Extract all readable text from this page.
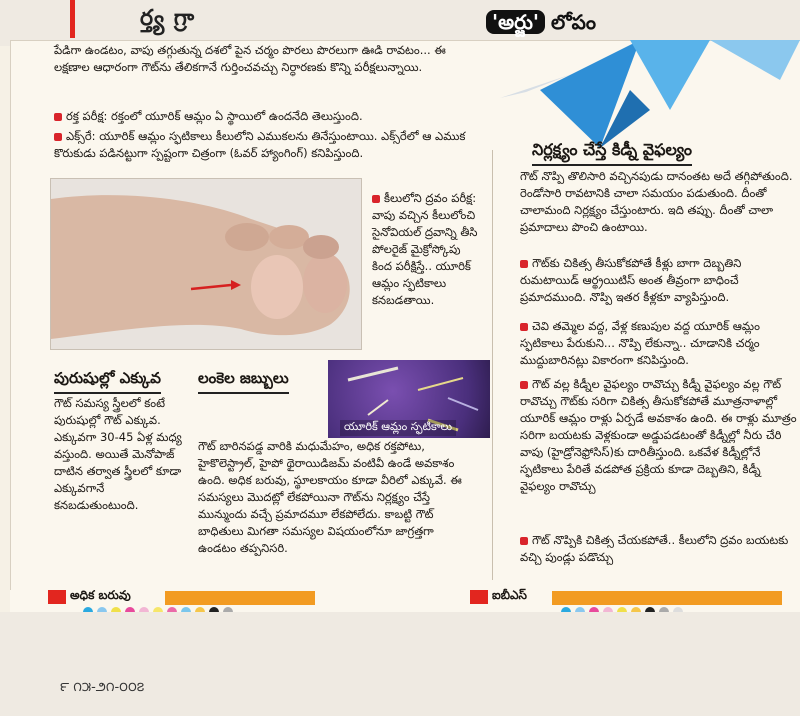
ర్త్య గ్రా	'అర్జు' లోపం
పేడిగా ఉండటం, వాపు తగ్గుతున్న దశలో పైన చర్మం పొరలు పొరలుగా ఊడి రావటం... ఈ లక్షణాల ఆధారంగా గౌట్‌ను తేలికగానే గుర్తించవచ్చు నిర్ధారణకు కొన్ని పరీక్షలున్నాయి.
రక్త పరీక్ష: రక్తంలో యూరిక్ ఆమ్లం ఏ స్థాయిలో ఉందనేది తెలుస్తుంది.
ఎక్స్‌రే: యూరిక్ ఆమ్లం స్ఫటికాలు కీలులోని ఎముకలను తినేస్తుంటాయి. ఎక్స్‌రేలో ఆ ఎముక కొరుకుడు పడినట్టుగా స్పష్టంగా చిత్రంగా (ఓవర్ హ్యాంగింగ్) కనిపిస్తుంది.
కీలులోని ద్రవం పరీక్ష: వాపు వచ్చిన కీలులోంచి సైనోవియల్ ద్రవాన్ని తీసి పోలరైజ్ మైక్రోస్కోపు కింద పరీక్షిస్తే.. యూరిక్ ఆమ్లం స్ఫటికాలు కనబడతాయి.
పురుషుల్లో ఎక్కువ
గౌట్ సమస్య స్త్రీలలో కంటే పురుషుల్లో గౌట్ ఎక్కువ. ఎక్కువగా 30-45 ఏళ్ల మధ్య వస్తుంది. అయితే మెనోపాజ్ దాటిన తర్వాత స్త్రీలలో కూడా ఎక్కువగానే కనబడుతుంటుంది.
లంకెల జబ్బులు
గౌట్ బారినపడ్డ వారికి మధుమేహం, అధిక రక్తపోటు, హైకొలెస్ట్రాల్, హైపో థైరాయిడిజమ్ వంటివీ ఉండే అవకాశం ఉంది. అధిక బరువు, స్థూలకాయం కూడా వీరిలో ఎక్కువే. ఈ సమస్యలు మొదట్లో లేకపోయినా గౌట్‌ను నిర్లక్ష్యం చేస్తే మున్ముందు వచ్చే ప్రమాదమూ లేకపోలేదు. కాబట్టి గౌట్ బాధితులు మిగతా సమస్యల విషయంలోనూ జాగ్రత్తగా ఉండటం తప్పనిసరి.
యూరిక్ ఆమ్లం స్ఫటికాలు
నిర్లక్ష్యం చేస్తే కిడ్నీ వైఫల్యం
గౌట్ నొప్పి తొలిసారి వచ్చినపుడు దానంతట అదే తగ్గిపోతుంది. రెండోసారి రావటానికి చాలా సమయం పడుతుంది. దీంతో చాలామంది నిర్లక్ష్యం చేస్తుంటారు. ఇది తప్పు. దీంతో చాలా ప్రమాదాలు పొంచి ఉంటాయి.
గౌట్‌కు చికిత్స తీసుకోకపోతే కీళ్లు బాగా దెబ్బతిని రుమటాయిడ్ ఆర్థ్రయిటిస్ అంత తీవ్రంగా బాధించే ప్రమాదముంది. నొప్పి ఇతర కీళ్లకూ వ్యాపిస్తుంది.
చెవి తమ్మెల వద్ద, వేళ్ల కణుపుల వద్ద యూరిక్ ఆమ్లం స్ఫటికాలు పేరుకుని... నొప్పి లేకున్నా.. చూడానికి చర్మం ముద్దుబారినట్లు వికారంగా కనిపిస్తుంది.
గౌట్ వల్ల కిడ్నీల వైఫల్యం రావొచ్చు కిడ్నీ వైఫల్యం వల్ల గౌట్ రావొచ్చు గౌట్‌కు సరిగా చికిత్స తీసుకోకపోతే మూత్రనాళాల్లో యూరిక్ ఆమ్లం రాళ్లు ఏర్పడే అవకాశం ఉంది. ఈ రాళ్లు మూత్రం సరిగా బయటకు వెళ్లకుండా అడ్డుపడటంతో కిడ్నీల్లో నీరు చేరి వాపు (హైడ్రోనెఫ్రోసిస్)కు దారితీస్తుంది. ఒకవేళ కిడ్నీల్లోనే స్ఫటికాలు పేరితే వడపోత ప్రక్రియ కూడా దెబ్బతిని, కిడ్నీ వైఫల్యం రావొచ్చు
గౌట్ నొప్పికి చికిత్స చేయకపోతే.. కీలులోని ద్రవం బయటకు వచ్చి పుండ్లు పడొచ్చు
అధిక బరువు	ఐబీఎస్
౯ ౧౫-౨౧-౦౦౭
